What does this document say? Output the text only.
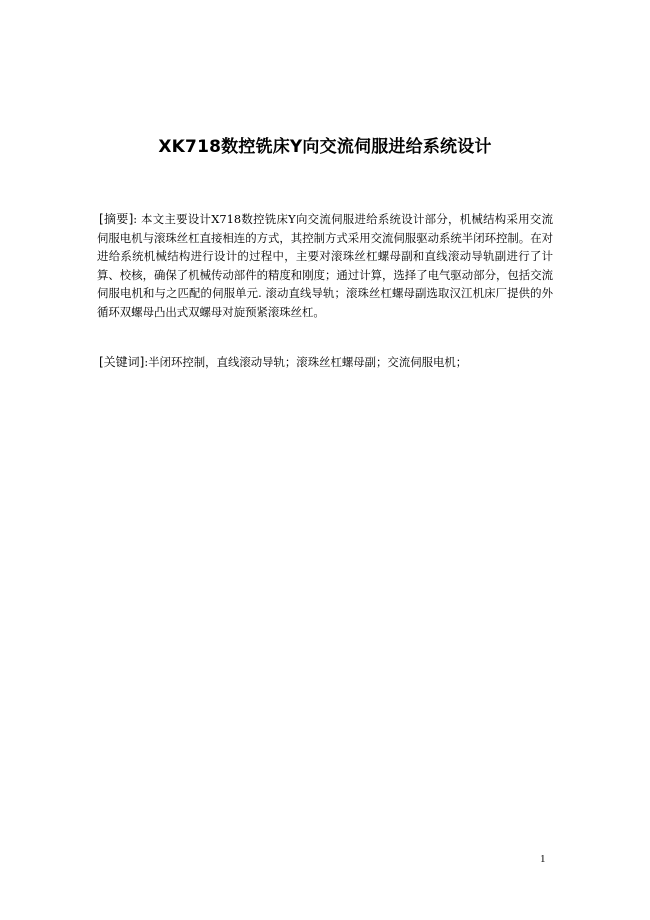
XK718数控铣床Y向交流伺服进给系统设计
[摘要]: 本文主要设计X718数控铣床Y向交流伺服进给系统设计部分，机械结构采用交流伺服电机与滚珠丝杠直接相连的方式，其控制方式采用交流伺服驱动系统半闭环控制。在对进给系统机械结构进行设计的过程中，主要对滚珠丝杠螺母副和直线滚动导轨副进行了计算、校核，确保了机械传动部件的精度和刚度；通过计算，选择了电气驱动部分，包括交流伺服电机和与之匹配的伺服单元. 滚动直线导轨；滚珠丝杠螺母副选取汉江机床厂提供的外循环双螺母凸出式双螺母对旋预紧滚珠丝杠。
[关键词]:半闭环控制，直线滚动导轨；滚珠丝杠螺母副；交流伺服电机；
1
